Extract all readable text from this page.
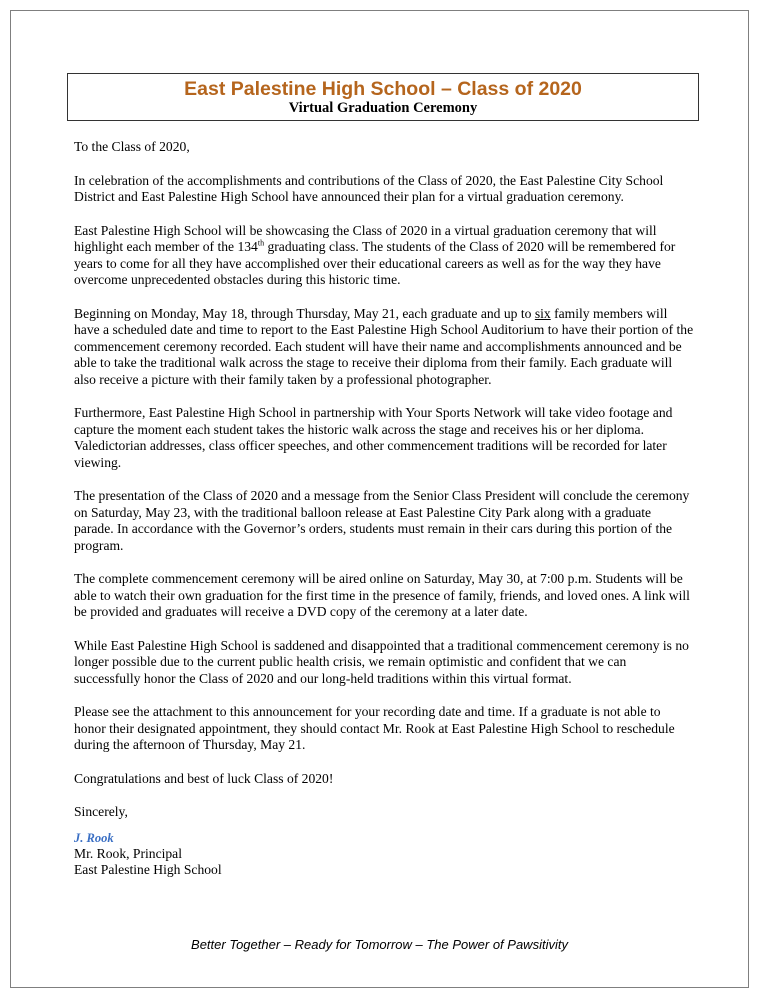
East Palestine High School – Class of 2020
Virtual Graduation Ceremony

To the Class of 2020,

In celebration of the accomplishments and contributions of the Class of 2020, the East Palestine City School District and East Palestine High School have announced their plan for a virtual graduation ceremony.

East Palestine High School will be showcasing the Class of 2020 in a virtual graduation ceremony that will highlight each member of the 134th graduating class. The students of the Class of 2020 will be remembered for years to come for all they have accomplished over their educational careers as well as for the way they have overcome unprecedented obstacles during this historic time.

Beginning on Monday, May 18, through Thursday, May 21, each graduate and up to six family members will have a scheduled date and time to report to the East Palestine High School Auditorium to have their portion of the commencement ceremony recorded. Each student will have their name and accomplishments announced and be able to take the traditional walk across the stage to receive their diploma from their family. Each graduate will also receive a picture with their family taken by a professional photographer.

Furthermore, East Palestine High School in partnership with Your Sports Network will take video footage and capture the moment each student takes the historic walk across the stage and receives his or her diploma. Valedictorian addresses, class officer speeches, and other commencement traditions will be recorded for later viewing.

The presentation of the Class of 2020 and a message from the Senior Class President will conclude the ceremony on Saturday, May 23, with the traditional balloon release at East Palestine City Park along with a graduate parade. In accordance with the Governor’s orders, students must remain in their cars during this portion of the program.

The complete commencement ceremony will be aired online on Saturday, May 30, at 7:00 p.m. Students will be able to watch their own graduation for the first time in the presence of family, friends, and loved ones. A link will be provided and graduates will receive a DVD copy of the ceremony at a later date.

While East Palestine High School is saddened and disappointed that a traditional commencement ceremony is no longer possible due to the current public health crisis, we remain optimistic and confident that we can successfully honor the Class of 2020 and our long-held traditions within this virtual format.

Please see the attachment to this announcement for your recording date and time. If a graduate is not able to honor their designated appointment, they should contact Mr. Rook at East Palestine High School to reschedule during the afternoon of Thursday, May 21.

Congratulations and best of luck Class of 2020!

Sincerely,

J. Rook
Mr. Rook, Principal
East Palestine High School
Better Together – Ready for Tomorrow – The Power of Pawsitivity
